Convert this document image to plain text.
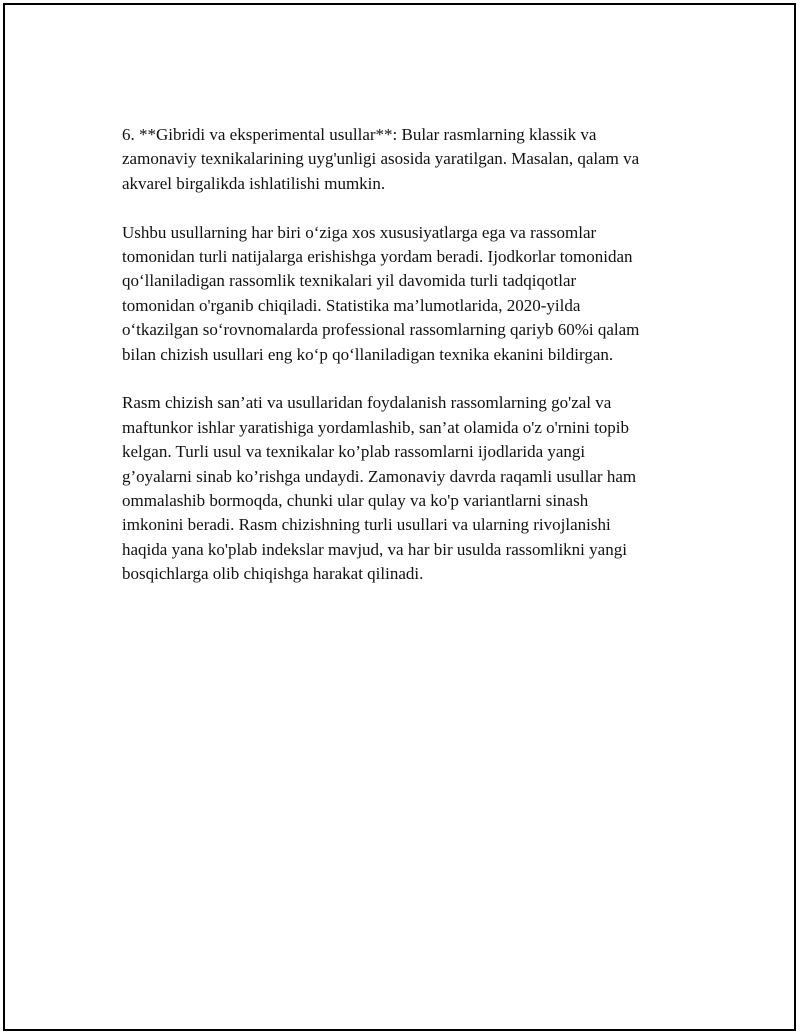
6. **Gibridi va eksperimental usullar**: Bular rasmlarning klassik va
zamonaviy texnikalarining uyg'unligi asosida yaratilgan. Masalan, qalam va
akvarel birgalikda ishlatilishi mumkin.

Ushbu usullarning har biri o‘ziga xos xususiyatlarga ega va rassomlar
tomonidan turli natijalarga erishishga yordam beradi. Ijodkorlar tomonidan
qo‘llaniladigan rassomlik texnikalari yil davomida turli tadqiqotlar
tomonidan o'rganib chiqiladi. Statistika ma’lumotlarida, 2020-yilda
o‘tkazilgan so‘rovnomalarda professional rassomlarning qariyb 60%i qalam
bilan chizish usullari eng ko‘p qo‘llaniladigan texnika ekanini bildirgan.

Rasm chizish san’ati va usullaridan foydalanish rassomlarning go'zal va
maftunkor ishlar yaratishiga yordamlashib, san’at olamida o'z o'rnini topib
kelgan. Turli usul va texnikalar ko’plab rassomlarni ijodlarida yangi
g’oyalarni sinab ko’rishga undaydi. Zamonaviy davrda raqamli usullar ham
ommalashib bormoqda, chunki ular qulay va ko'p variantlarni sinash
imkonini beradi. Rasm chizishning turli usullari va ularning rivojlanishi
haqida yana ko'plab indekslar mavjud, va har bir usulda rassomlikni yangi
bosqichlarga olib chiqishga harakat qilinadi.
